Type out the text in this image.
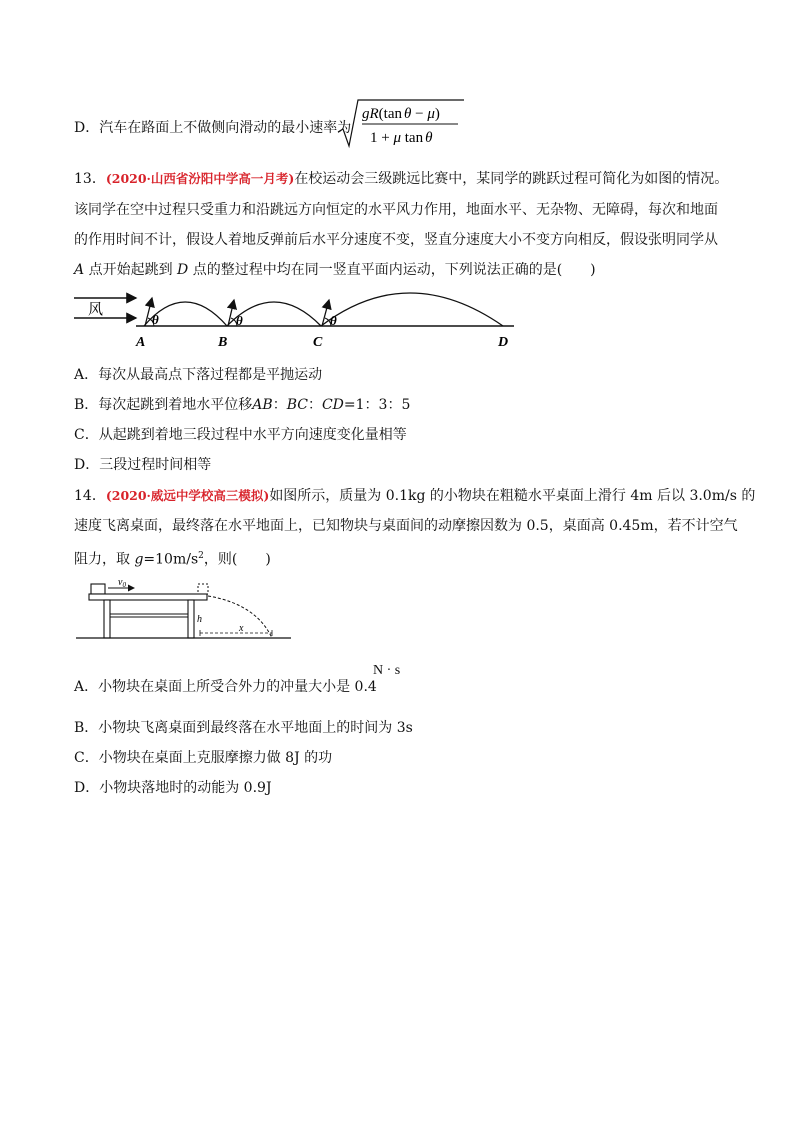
D．汽车在路面上不做侧向滑动的最小速率为
gR(tan θ − μ)
1 + μ tan θ
13．(2020·山西省汾阳中学高一月考)在校运动会三级跳远比赛中，某同学的跳跃过程可简化为如图的情况。
该同学在空中过程只受重力和沿跳远方向恒定的水平风力作用，地面水平、无杂物、无障碍，每次和地面
的作用时间不计，假设人着地反弹前后水平分速度不变，竖直分速度大小不变方向相反，假设张明同学从
A 点开始起跳到 D 点的整过程中均在同一竖直平面内运动，下列说法正确的是(　　)
风
θ	θ	θ
A	B	C	D
A．每次从最高点下落过程都是平抛运动
B．每次起跳到着地水平位移AB：BC：CD=1：3：5
C．从起跳到着地三段过程中水平方向速度变化量相等
D．三段过程时间相等
14．(2020·威远中学校高三模拟)如图所示，质量为 0.1kg 的小物块在粗糙水平桌面上滑行 4m 后以 3.0m/s 的
速度飞离桌面，最终落在水平地面上，已知物块与桌面间的动摩擦因数为 0.5，桌面高 0.45m，若不计空气
阻力，取 $g=10m/s^2$，则(　　)
$v_0$
h
x
A．小物块在桌面上所受合外力的冲量大小是 0.4
N · s
B．小物块飞离桌面到最终落在水平地面上的时间为 3s
C．小物块在桌面上克服摩擦力做 8J 的功
D．小物块落地时的动能为 0.9J
